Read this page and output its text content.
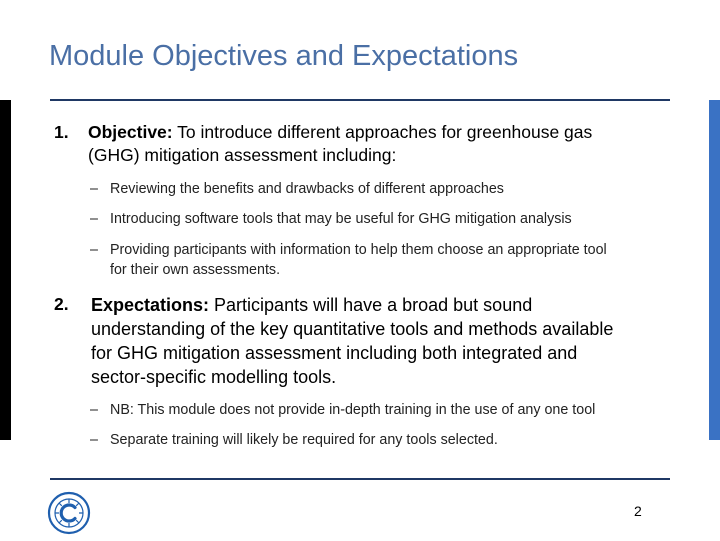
Module Objectives and Expectations
1. Objective: To introduce different approaches for greenhouse gas
(GHG) mitigation assessment including:
– Reviewing the benefits and drawbacks of different approaches
– Introducing software tools that may be useful for GHG mitigation analysis
– Providing participants with information to help them choose an appropriate tool
for their own assessments.
2. Expectations: Participants will have a broad but sound
understanding of the key quantitative tools and methods available
for GHG mitigation assessment including both integrated and
sector-specific modelling tools.
– NB: This module does not provide in-depth training in the use of any one tool
– Separate training will likely be required for any tools selected.
2
